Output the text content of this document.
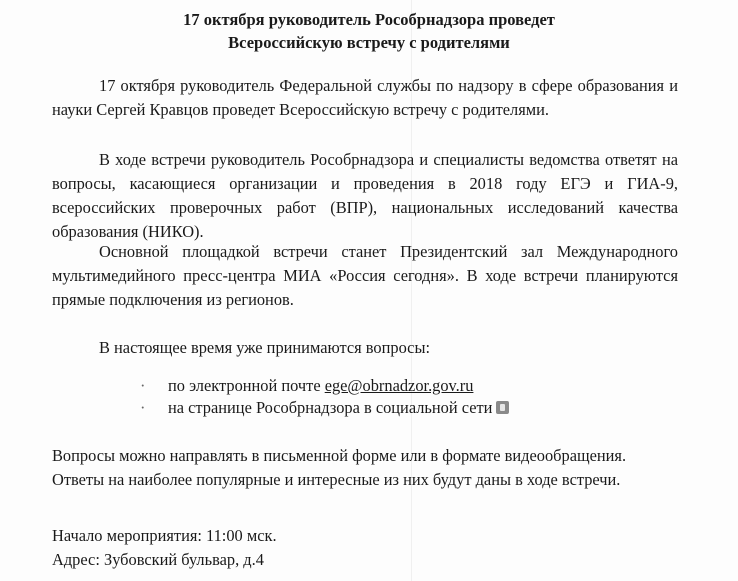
17 октября руководитель Рособрнадзора проведет
Всероссийскую встречу с родителями
17 октября руководитель Федеральной службы по надзору в сфере образования и науки Сергей Кравцов проведет Всероссийскую встречу с родителями.
В ходе встречи руководитель Рособрнадзора и специалисты ведомства ответят на вопросы, касающиеся организации и проведения в 2018 году ЕГЭ и ГИА-9, всероссийских проверочных работ (ВПР), национальных исследований качества образования (НИКО).
Основной площадкой встречи станет Президентский зал Международного мультимедийного пресс-центра МИА «Россия сегодня». В ходе встречи планируются прямые подключения из регионов.
В настоящее время уже принимаются вопросы:
· по электронной почте ege@obrnadzor.gov.ru
· на странице Рособрнадзора в социальной сети
Вопросы можно направлять в письменной форме или в формате видеообращения.
Ответы на наиболее популярные и интересные из них будут даны в ходе встречи.
Начало мероприятия: 11:00 мск.
Адрес: Зубовский бульвар, д.4
